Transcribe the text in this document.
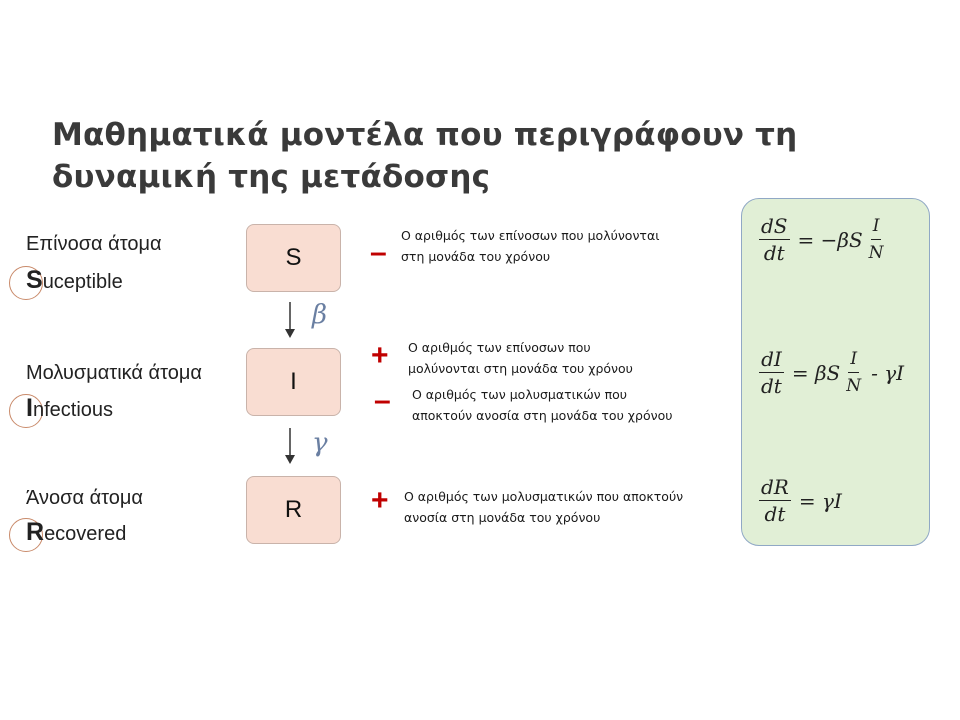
Μαθηματικά μοντέλα που περιγράφουν τη
δυναμική της μετάδοσης
Επίνοσα άτομα
Suceptible
Μολυσματικά άτομα
Infectious
Άνοσα άτομα
Recovered
S
I
R
β
γ
–
+
–
+
Ο αριθμός των επίνοσων που μολύνονται
στη μονάδα του χρόνου
Ο αριθμός των επίνοσων που
μολύνονται στη μονάδα του χρόνου
Ο αριθμός των μολυσματικών που
αποκτούν ανοσία στη μονάδα του χρόνου
Ο αριθμός των μολυσματικών που αποκτούν
ανοσία στη μονάδα του χρόνου
$\frac{dS}{dt} = -\beta S \frac{I}{N}$
$\frac{dI}{dt} = \beta S \frac{I}{N} - \gamma I$
$\frac{dR}{dt} = \gamma I$
